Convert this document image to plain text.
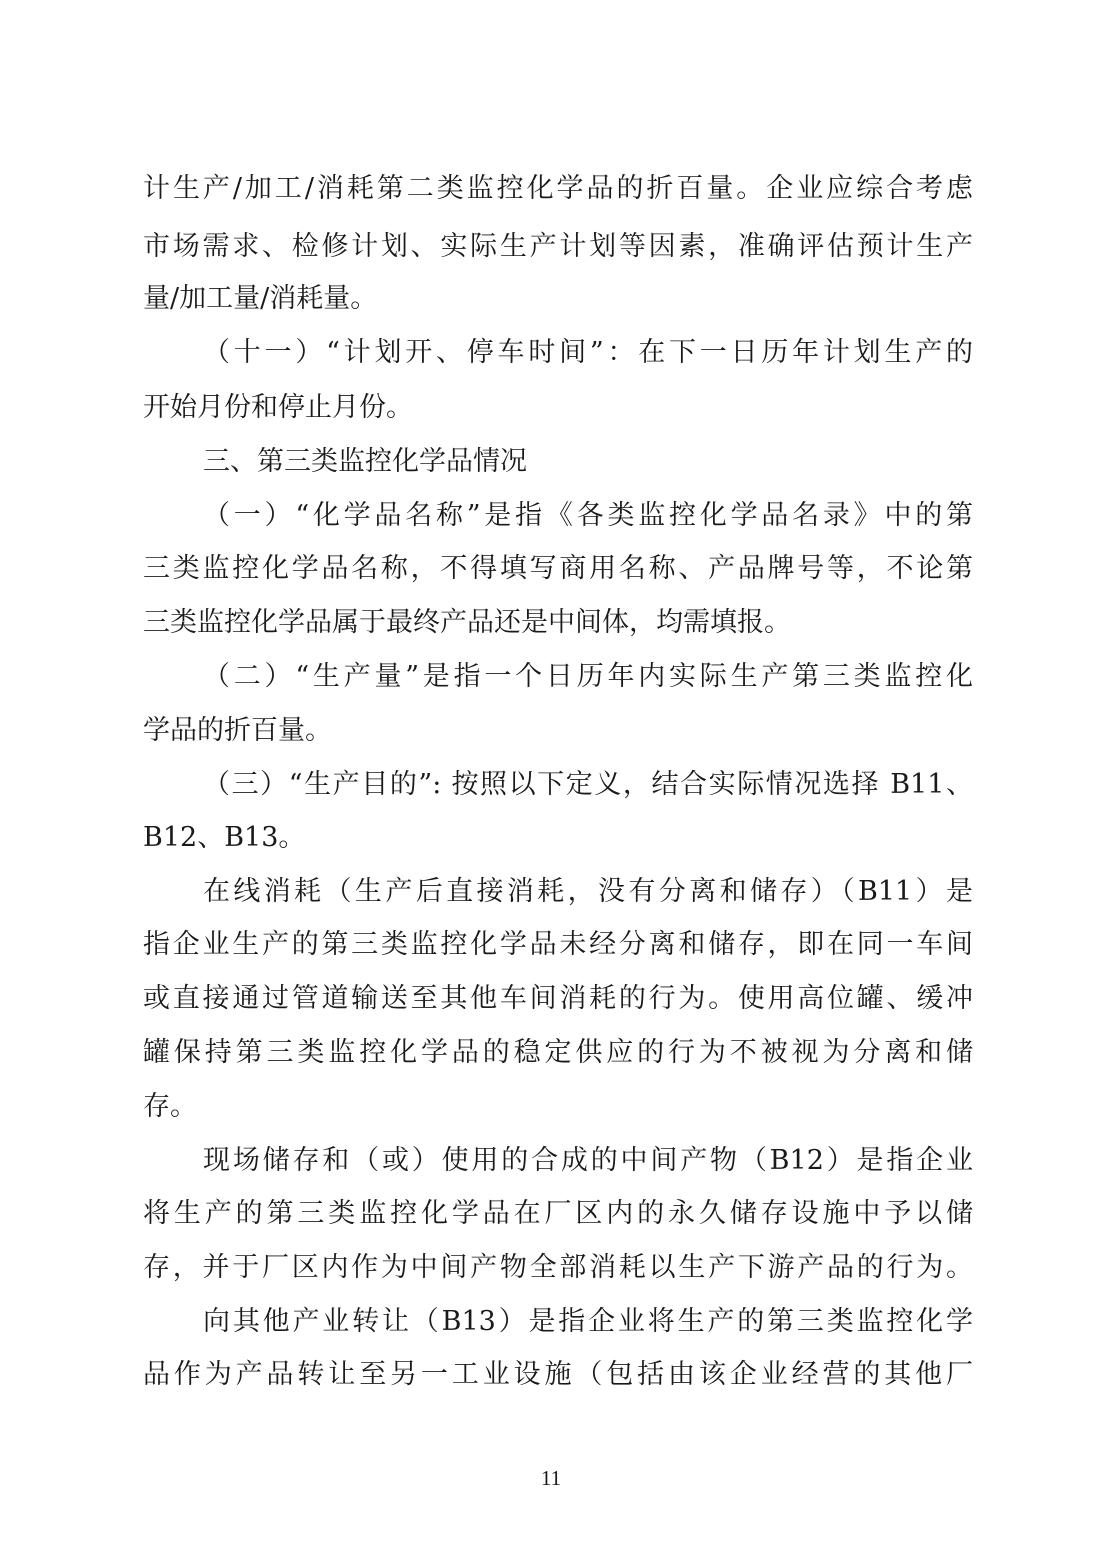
计生产/加工/消耗第二类监控化学品的折百量。企业应综合考虑
市场需求、检修计划、实际生产计划等因素，准确评估预计生产
量/加工量/消耗量。
（十一）“计划开、停车时间”：在下一日历年计划生产的
开始月份和停止月份。
三、第三类监控化学品情况
（一）“化学品名称”是指《各类监控化学品名录》中的第
三类监控化学品名称，不得填写商用名称、产品牌号等，不论第
三类监控化学品属于最终产品还是中间体，均需填报。
（二）“生产量”是指一个日历年内实际生产第三类监控化
学品的折百量。
（三）“生产目的”: 按照以下定义，结合实际情况选择 B11、
B12、B13。
在线消耗（生产后直接消耗，没有分离和储存）（B11）是
指企业生产的第三类监控化学品未经分离和储存，即在同一车间
或直接通过管道输送至其他车间消耗的行为。使用高位罐、缓冲
罐保持第三类监控化学品的稳定供应的行为不被视为分离和储
存。
现场储存和（或）使用的合成的中间产物（B12）是指企业
将生产的第三类监控化学品在厂区内的永久储存设施中予以储
存，并于厂区内作为中间产物全部消耗以生产下游产品的行为。
向其他产业转让（B13）是指企业将生产的第三类监控化学
品作为产品转让至另一工业设施（包括由该企业经营的其他厂
11
